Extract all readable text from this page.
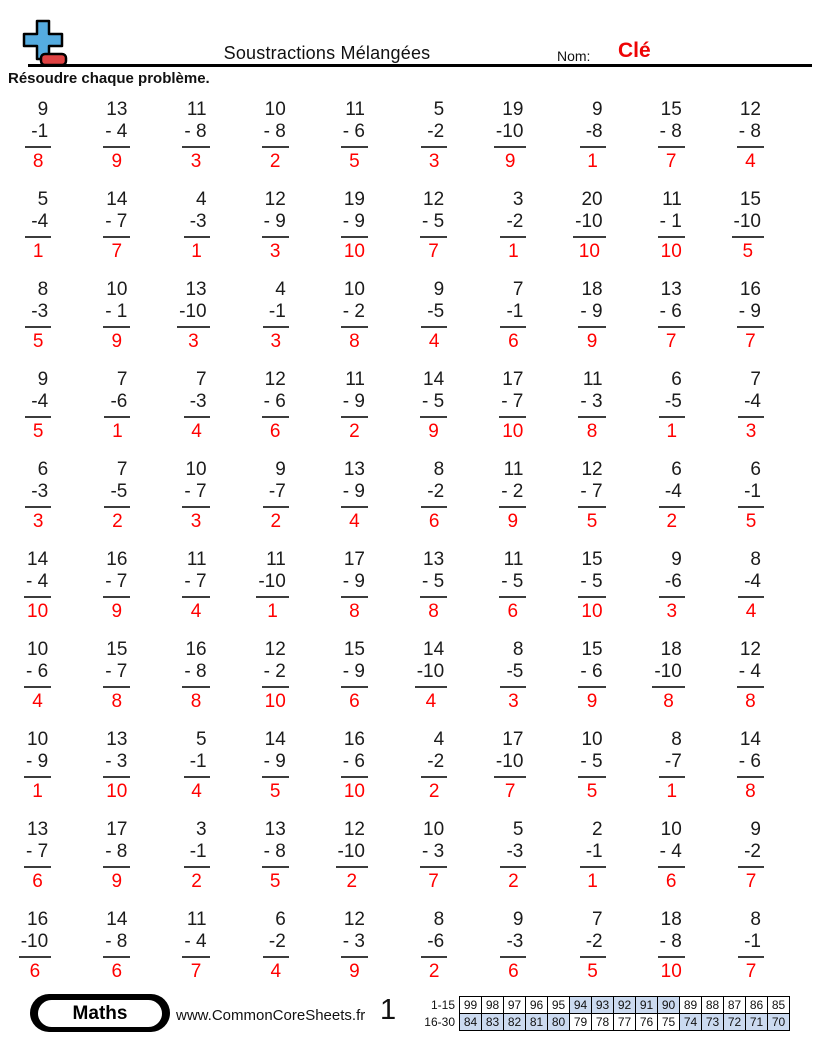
Soustractions Mélangées	Nom: Clé
Résoudre chaque problème.
9
-1
8
13
- 4
9
11
- 8
3
10
- 8
2
11
- 6
5
5
-2
3
19
-10
9
9
-8
1
15
- 8
7
12
- 8
4
5
-4
1
14
- 7
7
4
-3
1
12
- 9
3
19
- 9
10
12
- 5
7
3
-2
1
20
-10
10
11
- 1
10
15
-10
5
8
-3
5
10
- 1
9
13
-10
3
4
-1
3
10
- 2
8
9
-5
4
7
-1
6
18
- 9
9
13
- 6
7
16
- 9
7
9
-4
5
7
-6
1
7
-3
4
12
- 6
6
11
- 9
2
14
- 5
9
17
- 7
10
11
- 3
8
6
-5
1
7
-4
3
6
-3
3
7
-5
2
10
- 7
3
9
-7
2
13
- 9
4
8
-2
6
11
- 2
9
12
- 7
5
6
-4
2
6
-1
5
14
- 4
10
16
- 7
9
11
- 7
4
11
-10
1
17
- 9
8
13
- 5
8
11
- 5
6
15
- 5
10
9
-6
3
8
-4
4
10
- 6
4
15
- 7
8
16
- 8
8
12
- 2
10
15
- 9
6
14
-10
4
8
-5
3
15
- 6
9
18
-10
8
12
- 4
8
10
- 9
1
13
- 3
10
5
-1
4
14
- 9
5
16
- 6
10
4
-2
2
17
-10
7
10
- 5
5
8
-7
1
14
- 6
8
13
- 7
6
17
- 8
9
3
-1
2
13
- 8
5
12
-10
2
10
- 3
7
5
-3
2
2
-1
1
10
- 4
6
9
-2
7
16
-10
6
14
- 8
6
11
- 4
7
6
-2
4
12
- 3
9
8
-6
2
9
-3
6
7
-2
5
18
- 8
10
8
-1
7
Maths	www.CommonCoreSheets.fr 1	1-15	99	98	97	96	95	94	93	92	91	90	89	88	87	86	85
16-30	84	83	82	81	80	79	78	77	76	75	74	73	72	71	70
